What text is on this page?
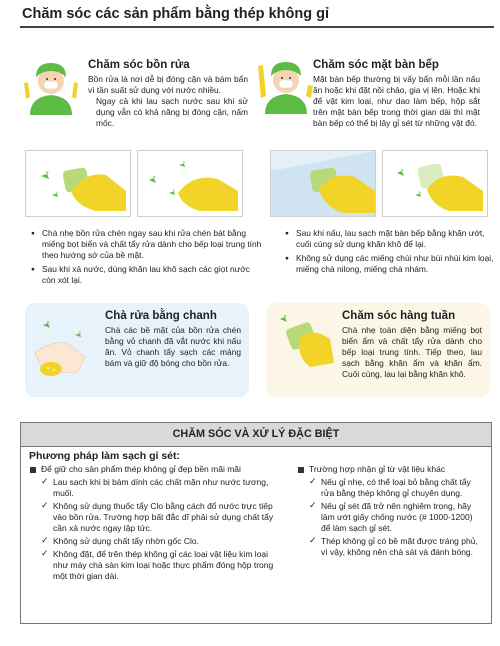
Chăm sóc các sản phẩm bằng thép không gỉ
Chăm sóc bồn rửa

Bồn rửa là nơi dễ bị đóng cặn và bám bẩn vì tần suất sử dụng với nước nhiều.

Ngay cả khi lau sạch nước sau khi sử dụng vẫn có khả năng bị đóng cặn, nấm mốc.

Chăm sóc mặt bàn bếp

Mặt bàn bếp thường bị vấy bẩn mỗi lần nấu ăn hoặc khi đặt nồi chảo, gia vị lên. Hoặc khi để vật kim loại, như dao làm bếp, hộp sắt trên mặt bàn bếp trong thời gian dài thì mặt bàn bếp có thể bị lây gỉ sét từ những vật đó.

● Chà nhẹ bồn rửa chén ngay sau khi rửa chén bát bằng miếng bọt biển và chất tẩy rửa dành cho bếp loại trung tính theo hướng sớ của bề mặt.
● Sau khi xả nước, dùng khăn lau khô sạch các giọt nước còn xót lại.
● Sau khi nấu, lau sạch mặt bàn bếp bằng khăn ướt, cuối cùng sử dụng khăn khô để lại.
● Không sử dụng các miếng chùi như bùi nhùi kim loại, miếng chà nilong, miếng chà nhám.
Chà rửa bằng chanh

Chà các bề mặt của bồn rửa chén bằng vỏ chanh đã vắt nước khi nấu ăn. Vỏ chanh tẩy sạch các mảng bám và giữ độ bóng cho bồn rửa.

Chăm sóc hàng tuần

Chà nhẹ toàn diện bằng miếng bọt biển ẩm và chất tẩy rửa dành cho bếp loại trung tính. Tiếp theo, lau sạch bằng khăn ẩm và khăn ẩm. Cuối cùng, lau lại bằng khăn khô.

CHĂM SÓC VÀ XỬ LÝ ĐẶC BIỆT
Phương pháp làm sạch gỉ sét:
Để giữ cho sản phẩm thép không gỉ đẹp bền mãi mãi
✓ Lau sạch khi bị bám dính các chất mặn như nước tương, muối.
✓ Không sử dụng thuốc tẩy Clo bằng cách đổ nước trực tiếp vào bồn rửa. Trường hợp bất đắc dĩ phải sử dụng chất tẩy cần xả nước ngay lập tức.
✓ Không sử dụng chất tẩy nhờn gốc Clo.
✓ Không đặt, để trên thép không gỉ các loại vật liệu kim loại như máy chà sàn kim loại hoặc thực phẩm đóng hộp trong một thời gian dài.
Trường hợp nhận gỉ từ vật liệu khác
✓ Nếu gỉ nhẹ, có thể loại bỏ bằng chất tẩy rửa bằng thép không gỉ chuyên dụng.
✓ Nếu gỉ sét đã trở nên nghiêm trọng, hãy làm ướt giấy chống nước (# 1000-1200) để làm sạch gỉ sét.
✓ Thép không gỉ có bề mặt được tráng phủ, vì vậy, không nên chà sát và đánh bóng.
